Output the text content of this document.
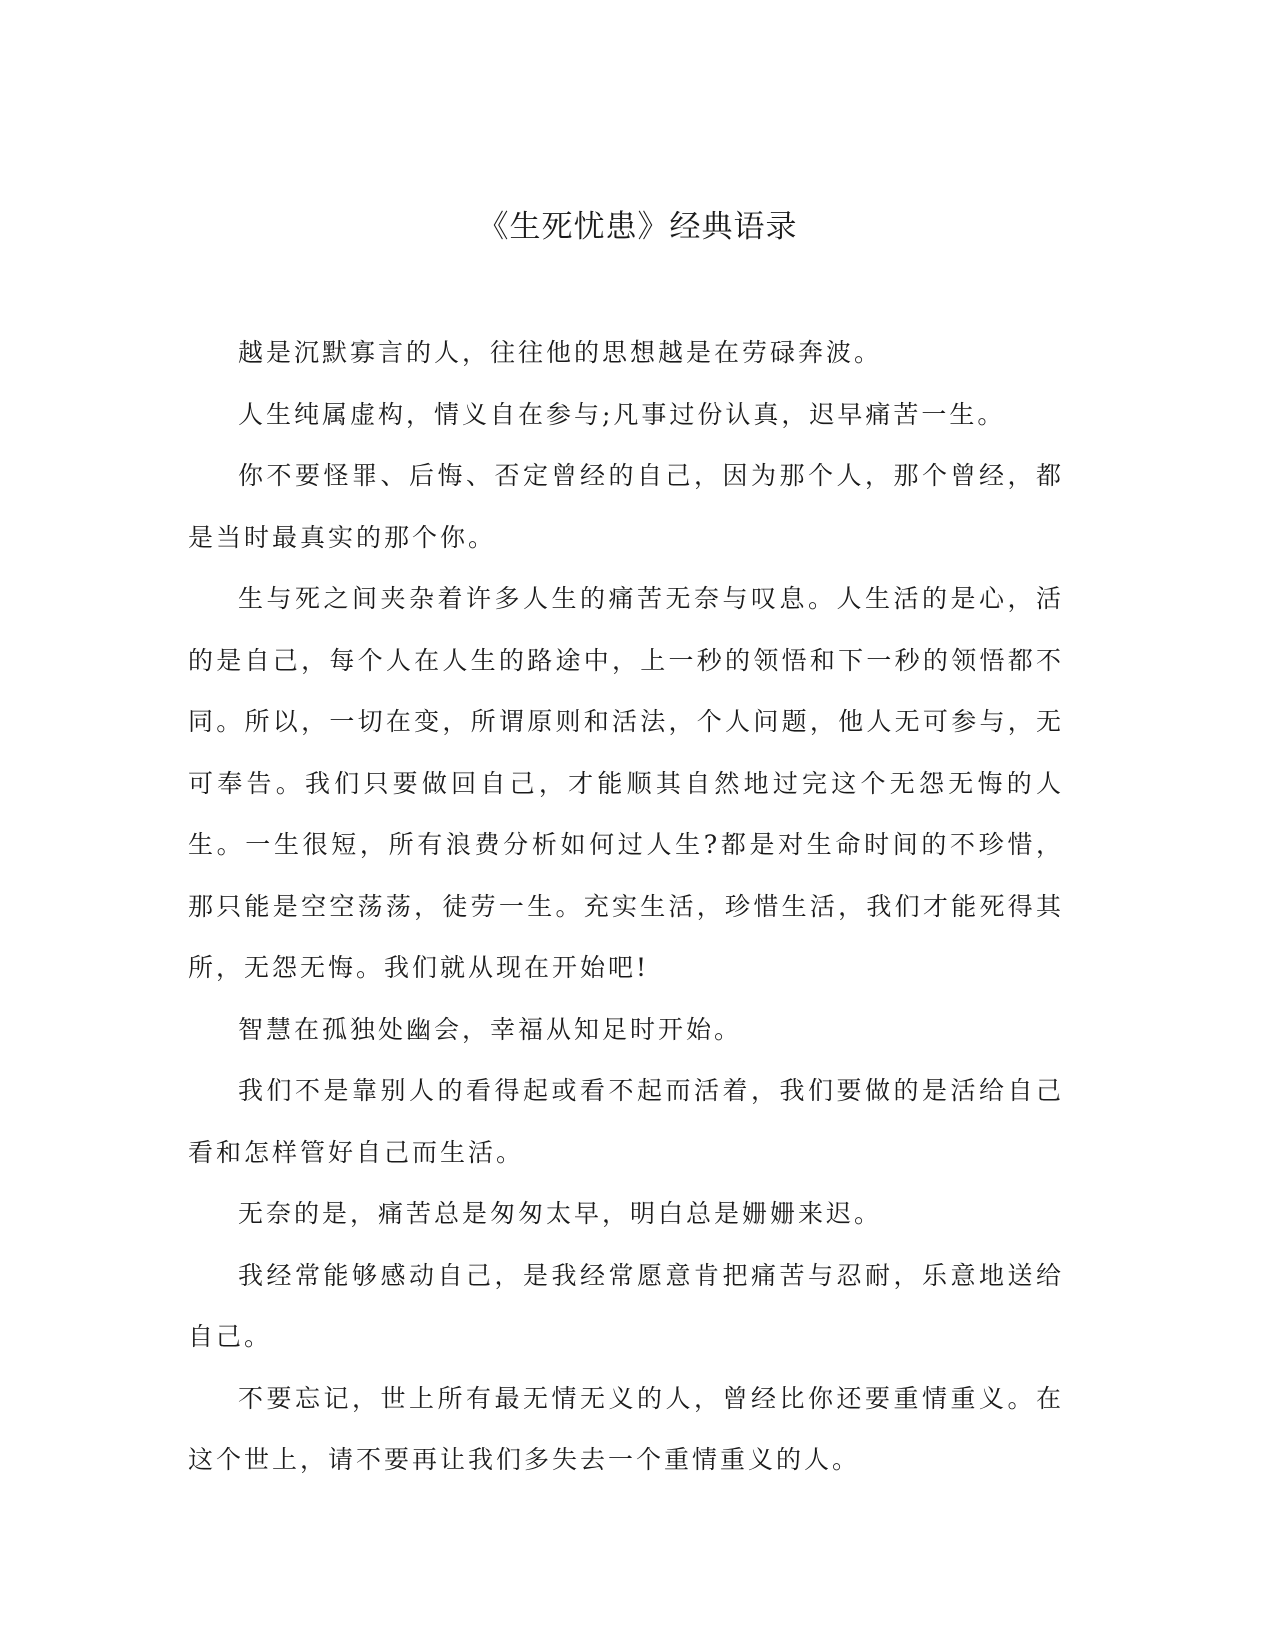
《生死忧患》经典语录

越是沉默寡言的人，往往他的思想越是在劳碌奔波。

人生纯属虚构，情义自在参与;凡事过份认真，迟早痛苦一生。

你不要怪罪、后悔、否定曾经的自己，因为那个人，那个曾经，都是当时最真实的那个你。

生与死之间夹杂着许多人生的痛苦无奈与叹息。人生活的是心，活的是自己，每个人在人生的路途中，上一秒的领悟和下一秒的领悟都不同。所以，一切在变，所谓原则和活法，个人问题，他人无可参与，无可奉告。我们只要做回自己，才能顺其自然地过完这个无怨无悔的人生。一生很短，所有浪费分析如何过人生?都是对生命时间的不珍惜，那只能是空空荡荡，徒劳一生。充实生活，珍惜生活，我们才能死得其所，无怨无悔。我们就从现在开始吧!

智慧在孤独处幽会，幸福从知足时开始。

我们不是靠别人的看得起或看不起而活着，我们要做的是活给自己看和怎样管好自己而生活。

无奈的是，痛苦总是匆匆太早，明白总是姗姗来迟。

我经常能够感动自己，是我经常愿意肯把痛苦与忍耐，乐意地送给自己。

不要忘记，世上所有最无情无义的人，曾经比你还要重情重义。在这个世上，请不要再让我们多失去一个重情重义的人。
